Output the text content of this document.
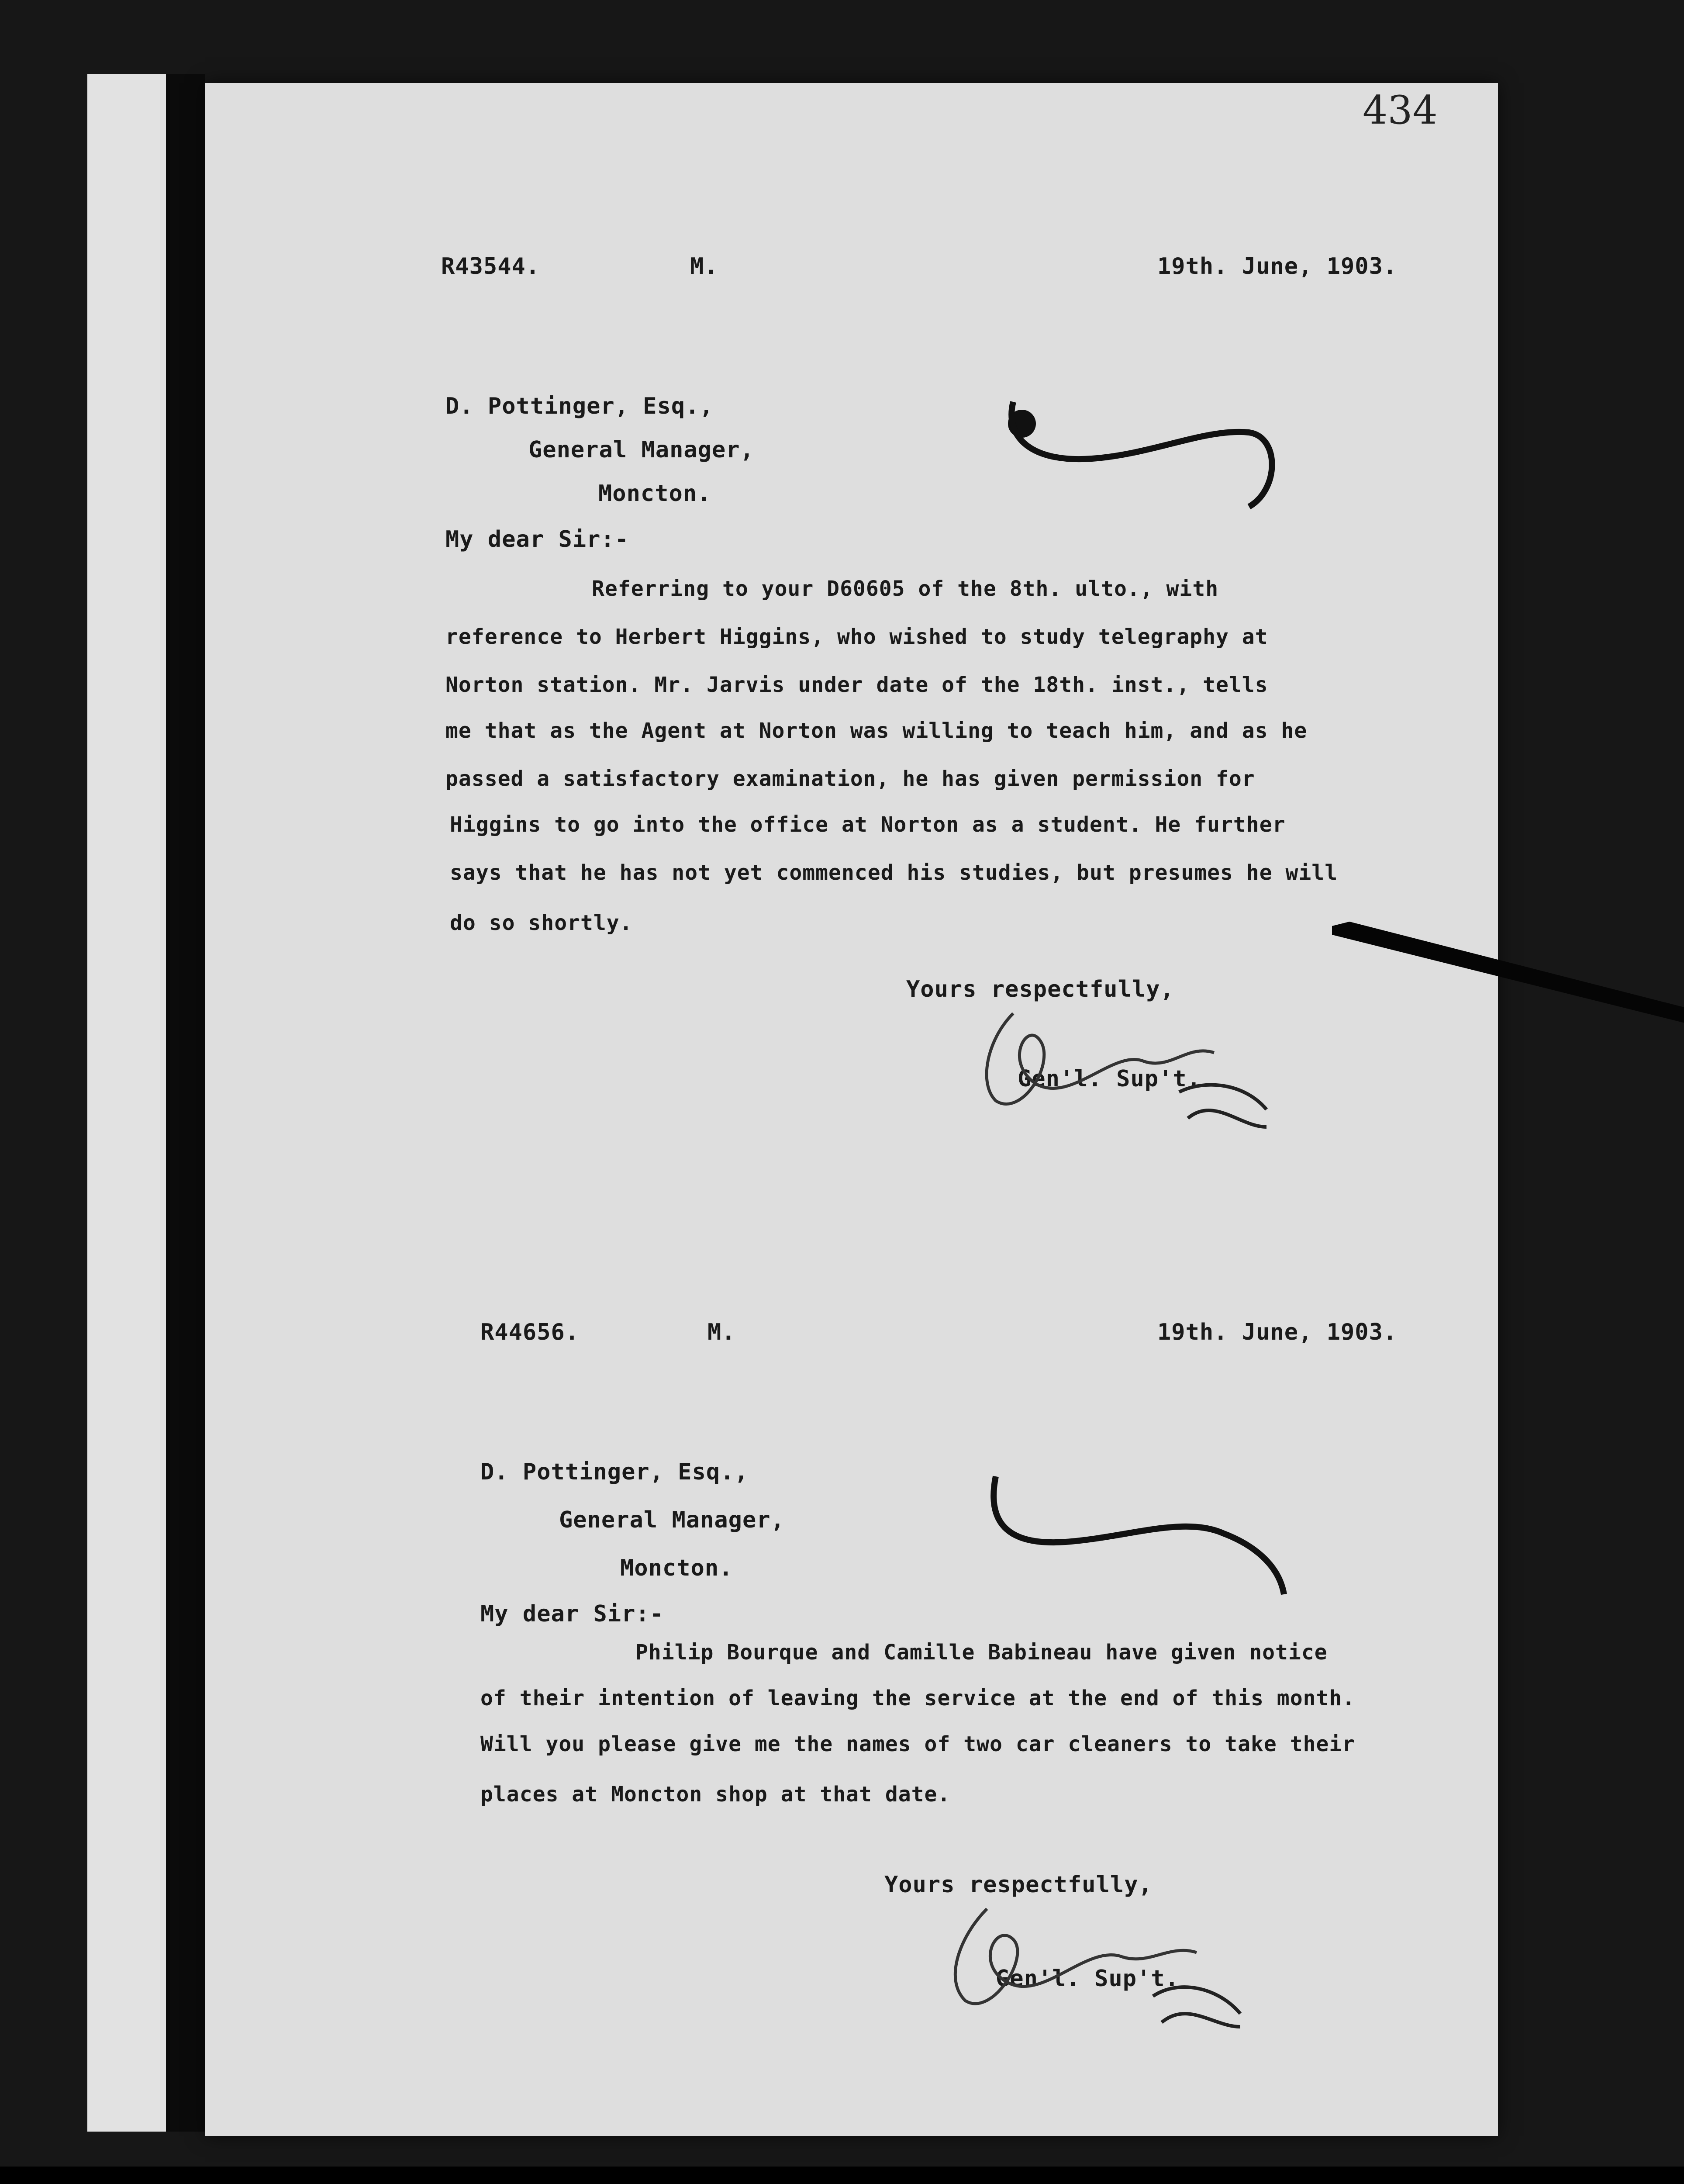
434
R43544.	M.	19th. June, 1903.
D. Pottinger, Esq.,
General Manager,
Moncton.
My dear Sir:-
Referring to your D60605 of the 8th. ulto., with
reference to Herbert Higgins, who wished to study telegraphy at
Norton station. Mr. Jarvis under date of the 18th. inst., tells
me that as the Agent at Norton was willing to teach him, and as he
passed a satisfactory examination, he has given permission for
Higgins to go into the office at Norton as a student. He further
says that he has not yet commenced his studies, but presumes he will
do so shortly.
Yours respectfully,
Gen'l. Sup't.
R44656.	M.	19th. June, 1903.
D. Pottinger, Esq.,
General Manager,
Moncton.
My dear Sir:-
Philip Bourque and Camille Babineau have given notice
of their intention of leaving the service at the end of this month.
Will you please give me the names of two car cleaners to take their
places at Moncton shop at that date.
Yours respectfully,
Gen'l. Sup't.
